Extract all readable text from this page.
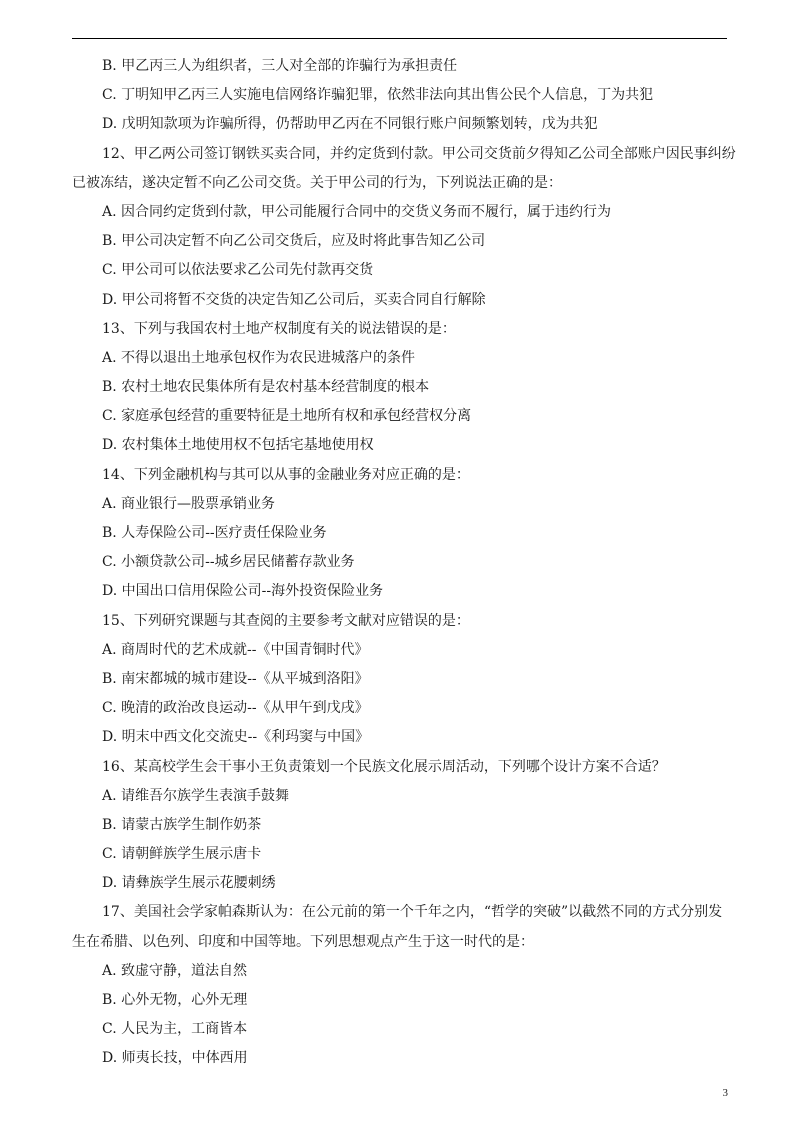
B. 甲乙丙三人为组织者，三人对全部的诈骗行为承担责任
C. 丁明知甲乙丙三人实施电信网络诈骗犯罪，依然非法向其出售公民个人信息，丁为共犯
D. 戊明知款项为诈骗所得，仍帮助甲乙丙在不同银行账户间频繁划转，戊为共犯
12、甲乙两公司签订钢铁买卖合同，并约定货到付款。甲公司交货前夕得知乙公司全部账户因民事纠纷
已被冻结，遂决定暂不向乙公司交货。关于甲公司的行为，下列说法正确的是：
A. 因合同约定货到付款，甲公司能履行合同中的交货义务而不履行，属于违约行为
B. 甲公司决定暂不向乙公司交货后，应及时将此事告知乙公司
C. 甲公司可以依法要求乙公司先付款再交货
D. 甲公司将暂不交货的决定告知乙公司后，买卖合同自行解除
13、下列与我国农村土地产权制度有关的说法错误的是：
A. 不得以退出土地承包权作为农民进城落户的条件
B. 农村土地农民集体所有是农村基本经营制度的根本
C. 家庭承包经营的重要特征是土地所有权和承包经营权分离
D. 农村集体土地使用权不包括宅基地使用权
14、下列金融机构与其可以从事的金融业务对应正确的是：
A. 商业银行—股票承销业务
B. 人寿保险公司--医疗责任保险业务
C. 小额贷款公司--城乡居民储蓄存款业务
D. 中国出口信用保险公司--海外投资保险业务
15、下列研究课题与其查阅的主要参考文献对应错误的是：
A. 商周时代的艺术成就--《中国青铜时代》
B. 南宋都城的城市建设--《从平城到洛阳》
C. 晚清的政治改良运动--《从甲午到戊戌》
D. 明末中西文化交流史--《利玛窦与中国》
16、某高校学生会干事小王负责策划一个民族文化展示周活动，下列哪个设计方案不合适？
A. 请维吾尔族学生表演手鼓舞
B. 请蒙古族学生制作奶茶
C. 请朝鲜族学生展示唐卡
D. 请彝族学生展示花腰刺绣
17、美国社会学家帕森斯认为：在公元前的第一个千年之内，“哲学的突破”以截然不同的方式分别发
生在希腊、以色列、印度和中国等地。下列思想观点产生于这一时代的是：
A. 致虚守静，道法自然
B. 心外无物，心外无理
C. 人民为主，工商皆本
D. 师夷长技，中体西用
3
